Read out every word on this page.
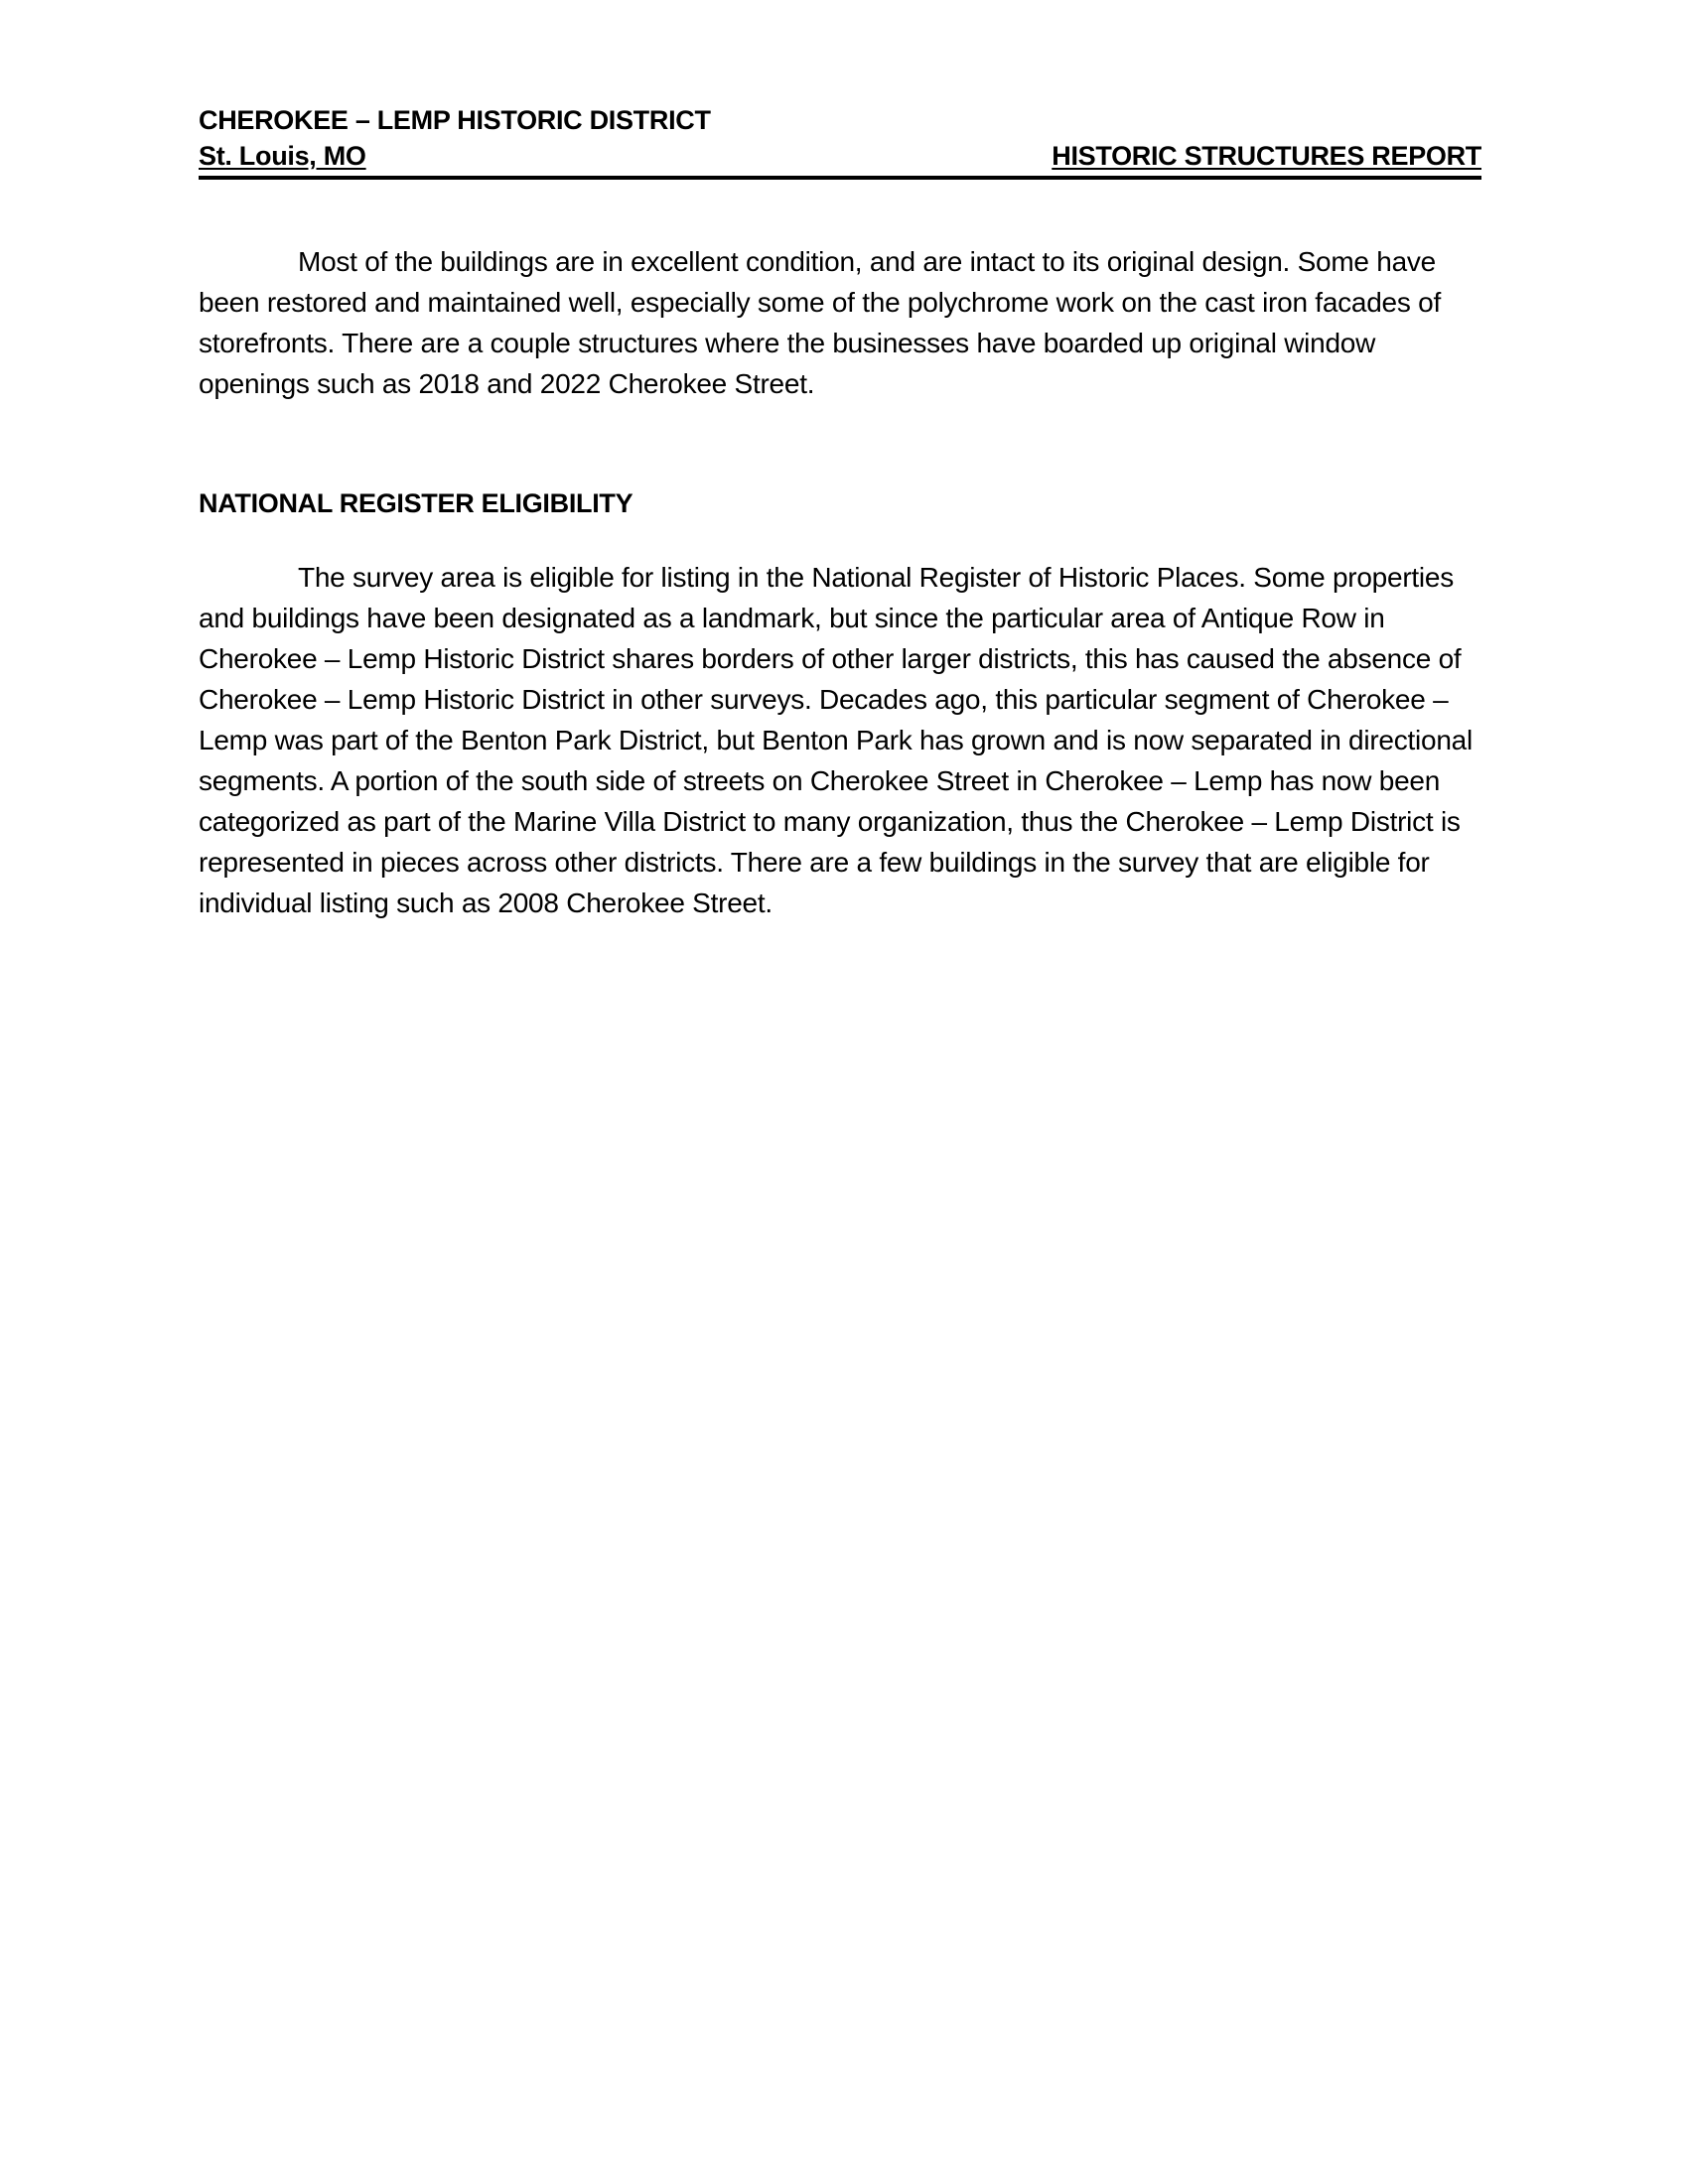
CHEROKEE – LEMP HISTORIC DISTRICT
St. Louis, MO	HISTORIC STRUCTURES REPORT

Most of the buildings are in excellent condition, and are intact to its original design. Some have been restored and maintained well, especially some of the polychrome work on the cast iron facades of storefronts. There are a couple structures where the businesses have boarded up original window openings such as 2018 and 2022 Cherokee Street.

NATIONAL REGISTER ELIGIBILITY

The survey area is eligible for listing in the National Register of Historic Places. Some properties and buildings have been designated as a landmark, but since the particular area of Antique Row in Cherokee – Lemp Historic District shares borders of other larger districts, this has caused the absence of Cherokee – Lemp Historic District in other surveys. Decades ago, this particular segment of Cherokee – Lemp was part of the Benton Park District, but Benton Park has grown and is now separated in directional segments. A portion of the south side of streets on Cherokee Street in Cherokee – Lemp has now been categorized as part of the Marine Villa District to many organization, thus the Cherokee – Lemp District is represented in pieces across other districts. There are a few buildings in the survey that are eligible for individual listing such as 2008 Cherokee Street.
